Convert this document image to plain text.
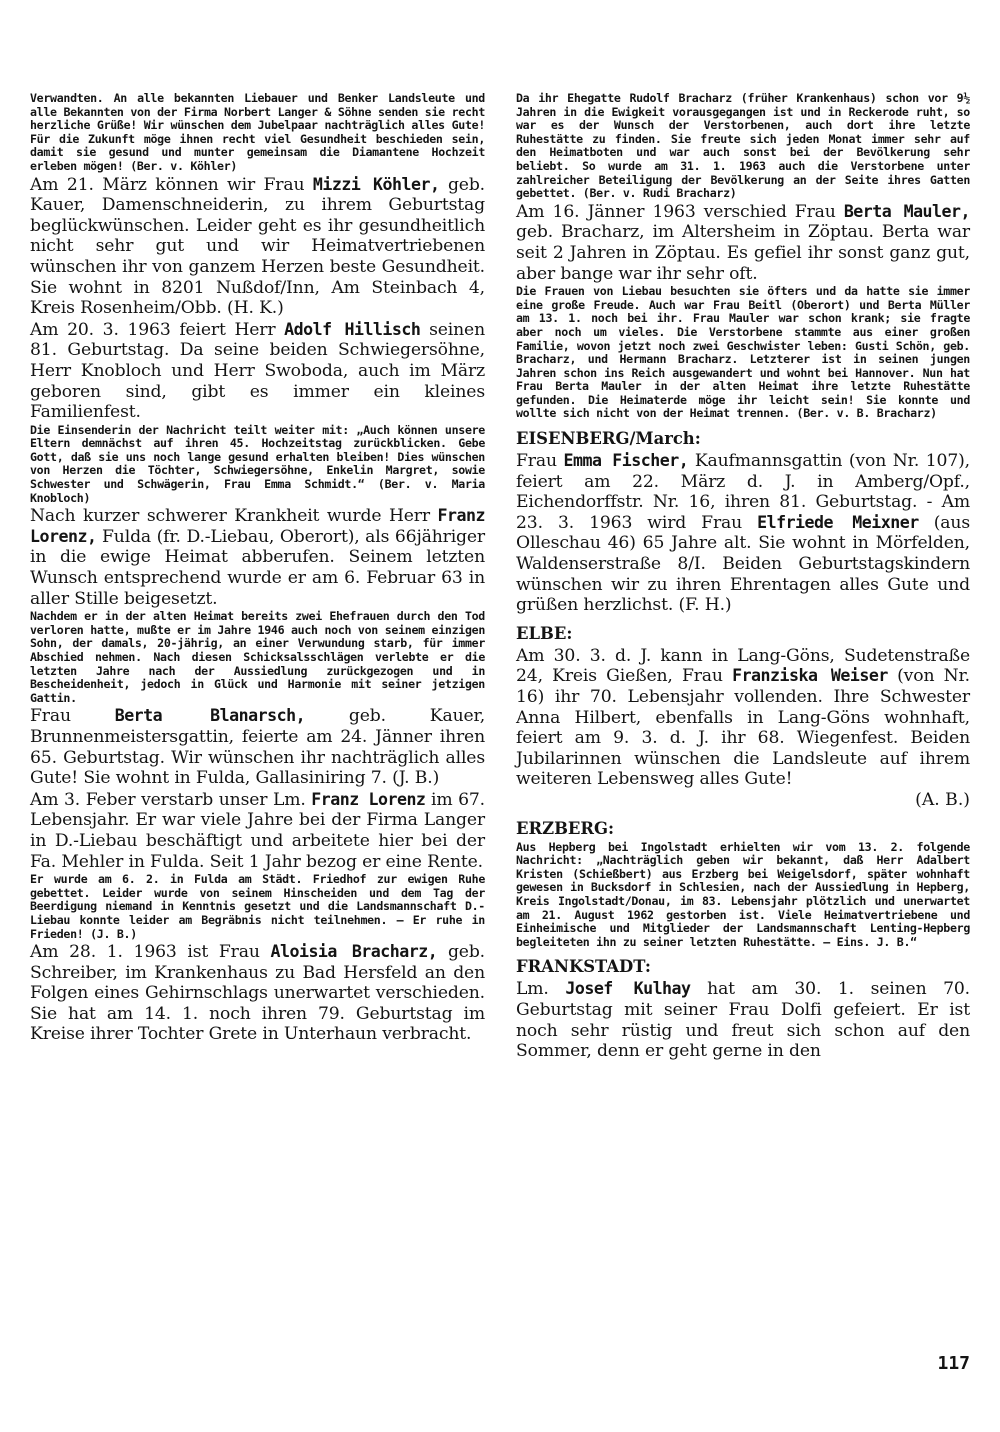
Verwandten. An alle bekannten Liebauer und Benker Landsleute und alle Bekannten von der Firma Norbert Langer & Söhne senden sie recht herzliche Grüße! Wir wünschen dem Jubelpaar nachträglich alles Gute! Für die Zukunft möge ihnen recht viel Gesundheit beschieden sein, damit sie gesund und munter gemeinsam die Diamantene Hochzeit erleben mögen! (Ber. v. Köhler)

Am 21. März können wir Frau Mizzi Köhler, geb. Kauer, Damenschneiderin, zu ihrem Geburtstag beglückwünschen. Leider geht es ihr gesundheitlich nicht sehr gut und wir Heimatvertriebenen wünschen ihr von ganzem Herzen beste Gesundheit. Sie wohnt in 8201 Nußdof/Inn, Am Steinbach 4, Kreis Rosenheim/Obb. (H. K.)

Am 20. 3. 1963 feiert Herr Adolf Hillisch seinen 81. Geburtstag. Da seine beiden Schwiegersöhne, Herr Knobloch und Herr Swoboda, auch im März geboren sind, gibt es immer ein kleines Familienfest.

Die Einsenderin der Nachricht teilt weiter mit: „Auch können unsere Eltern demnächst auf ihren 45. Hochzeitstag zurückblicken. Gebe Gott, daß sie uns noch lange gesund erhalten bleiben! Dies wünschen von Herzen die Töchter, Schwiegersöhne, Enkelin Margret, sowie Schwester und Schwägerin, Frau Emma Schmidt.“ (Ber. v. Maria Knobloch)

Nach kurzer schwerer Krankheit wurde Herr Franz Lorenz, Fulda (fr. D.-Liebau, Oberort), als 66jähriger in die ewige Heimat abberufen. Seinem letzten Wunsch entsprechend wurde er am 6. Februar 63 in aller Stille beigesetzt.

Nachdem er in der alten Heimat bereits zwei Ehefrauen durch den Tod verloren hatte, mußte er im Jahre 1946 auch noch von seinem einzigen Sohn, der damals, 20-jährig, an einer Verwundung starb, für immer Abschied nehmen. Nach diesen Schicksalsschlägen verlebte er die letzten Jahre nach der Aussiedlung zurückgezogen und in Bescheidenheit, jedoch in Glück und Harmonie mit seiner jetzigen Gattin.

Frau Berta Blanarsch, geb. Kauer, Brunnenmeistersgattin, feierte am 24. Jänner ihren 65. Geburtstag. Wir wünschen ihr nachträglich alles Gute! Sie wohnt in Fulda, Gallasiniring 7. (J. B.)

Am 3. Feber verstarb unser Lm. Franz Lorenz im 67. Lebensjahr. Er war viele Jahre bei der Firma Langer in D.-Liebau beschäftigt und arbeitete hier bei der Fa. Mehler in Fulda. Seit 1 Jahr bezog er eine Rente.

Er wurde am 6. 2. in Fulda am Städt. Friedhof zur ewigen Ruhe gebettet. Leider wurde von seinem Hinscheiden und dem Tag der Beerdigung niemand in Kenntnis gesetzt und die Landsmannschaft D.-Liebau konnte leider am Begräbnis nicht teilnehmen. — Er ruhe in Frieden! (J. B.)

Am 28. 1. 1963 ist Frau Aloisia Bracharz, geb. Schreiber, im Krankenhaus zu Bad Hersfeld an den Folgen eines Gehirnschlags unerwartet verschieden. Sie hat am 14. 1. noch ihren 79. Geburtstag im Kreise ihrer Tochter Grete in Unterhaun verbracht.

Da ihr Ehegatte Rudolf Bracharz (früher Krankenhaus) schon vor 9½ Jahren in die Ewigkeit vorausgegangen ist und in Reckerode ruht, so war es der Wunsch der Verstorbenen, auch dort ihre letzte Ruhestätte zu finden. Sie freute sich jeden Monat immer sehr auf den Heimatboten und war auch sonst bei der Bevölkerung sehr beliebt. So wurde am 31. 1. 1963 auch die Verstorbene unter zahlreicher Beteiligung der Bevölkerung an der Seite ihres Gatten gebettet. (Ber. v. Rudi Bracharz)

Am 16. Jänner 1963 verschied Frau Berta Mauler, geb. Bracharz, im Altersheim in Zöptau. Berta war seit 2 Jahren in Zöptau. Es gefiel ihr sonst ganz gut, aber bange war ihr sehr oft.

Die Frauen von Liebau besuchten sie öfters und da hatte sie immer eine große Freude. Auch war Frau Beitl (Oberort) und Berta Müller am 13. 1. noch bei ihr. Frau Mauler war schon krank; sie fragte aber noch um vieles. Die Verstorbene stammte aus einer großen Familie, wovon jetzt noch zwei Geschwister leben: Gusti Schön, geb. Bracharz, und Hermann Bracharz. Letzterer ist in seinen jungen Jahren schon ins Reich ausgewandert und wohnt bei Hannover. Nun hat Frau Berta Mauler in der alten Heimat ihre letzte Ruhestätte gefunden. Die Heimaterde möge ihr leicht sein! Sie konnte und wollte sich nicht von der Heimat trennen. (Ber. v. B. Bracharz)

EISENBERG/March:

Frau Emma Fischer, Kaufmannsgattin (von Nr. 107), feiert am 22. März d. J. in Amberg/Opf., Eichendorffstr. Nr. 16, ihren 81. Geburtstag. - Am 23. 3. 1963 wird Frau Elfriede Meixner (aus Olleschau 46) 65 Jahre alt. Sie wohnt in Mörfelden, Waldenserstraße 8/I. Beiden Geburtstagskindern wünschen wir zu ihren Ehrentagen alles Gute und grüßen herzlichst. (F. H.)

ELBE:

Am 30. 3. d. J. kann in Lang-Göns, Sudetenstraße 24, Kreis Gießen, Frau Franziska Weiser (von Nr. 16) ihr 70. Lebensjahr vollenden. Ihre Schwester Anna Hilbert, ebenfalls in Lang-Göns wohnhaft, feiert am 9. 3. d. J. ihr 68. Wiegenfest. Beiden Jubilarinnen wünschen die Landsleute auf ihrem weiteren Lebensweg alles Gute!

(A. B.)

ERZBERG:

Aus Hepberg bei Ingolstadt erhielten wir vom 13. 2. folgende Nachricht: „Nachträglich geben wir bekannt, daß Herr Adalbert Kristen (Schießbert) aus Erzberg bei Weigelsdorf, später wohnhaft gewesen in Bucksdorf in Schlesien, nach der Aussiedlung in Hepberg, Kreis Ingolstadt/Donau, im 83. Lebensjahr plötzlich und unerwartet am 21. August 1962 gestorben ist. Viele Heimatvertriebene und Einheimische und Mitglieder der Landsmannschaft Lenting-Hepberg begleiteten ihn zu seiner letzten Ruhestätte. — Eins. J. B.“

FRANKSTADT:

Lm. Josef Kulhay hat am 30. 1. seinen 70. Geburtstag mit seiner Frau Dolfi gefeiert. Er ist noch sehr rüstig und freut sich schon auf den Sommer, denn er geht gerne in den

117
